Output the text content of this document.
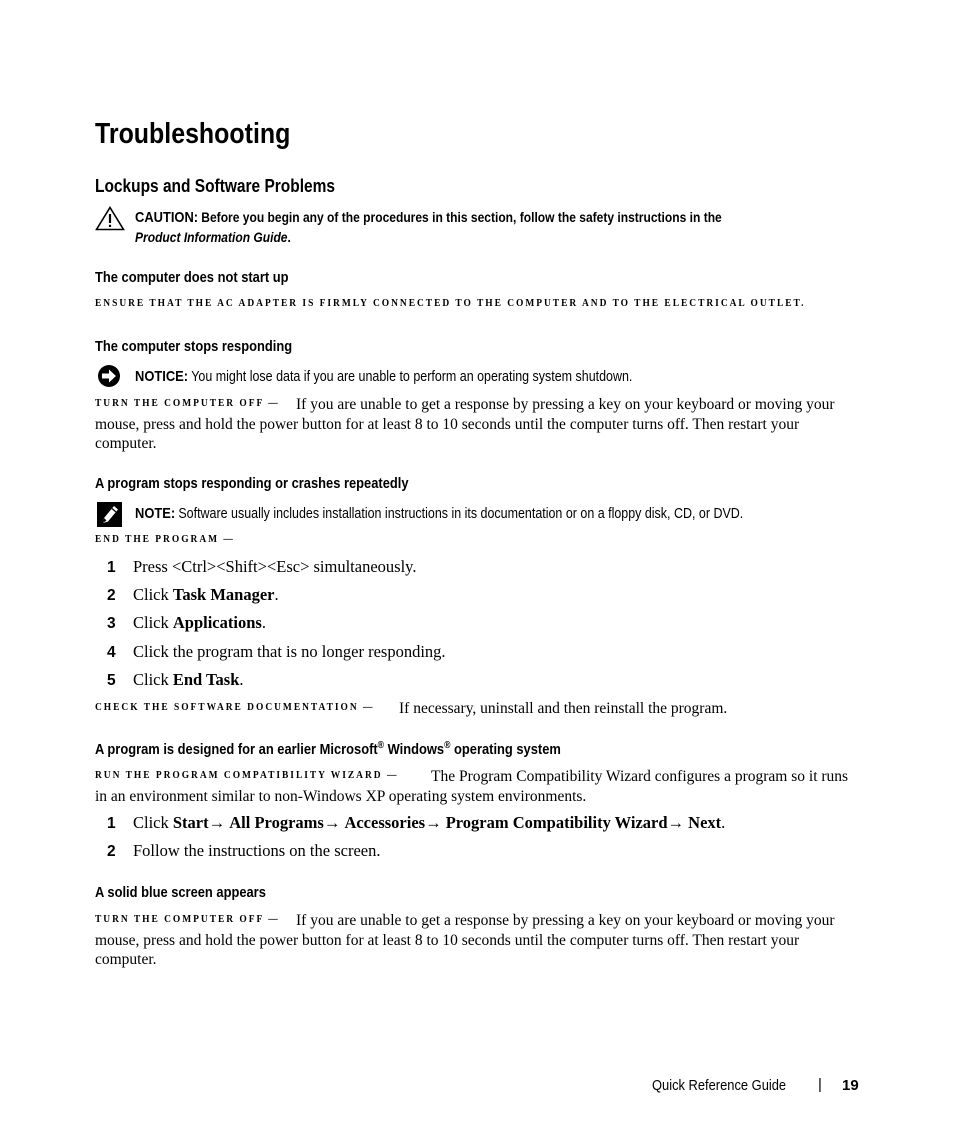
Troubleshooting
Lockups and Software Problems
CAUTION: Before you begin any of the procedures in this section, follow the safety instructions in the
Product Information Guide.
The computer does not start up
ENSURE THAT THE AC ADAPTER IS FIRMLY CONNECTED TO THE COMPUTER AND TO THE ELECTRICAL OUTLET.
The computer stops responding
NOTICE: You might lose data if you are unable to perform an operating system shutdown.
TURN THE COMPUTER OFF —	If you are unable to get a response by pressing a key on your keyboard or moving your mouse, press and hold the power button for at least 8 to 10 seconds until the computer turns off. Then restart your computer.
A program stops responding or crashes repeatedly
NOTE: Software usually includes installation instructions in its documentation or on a floppy disk, CD, or DVD.
END THE PROGRAM —
1 Press <Ctrl><Shift><Esc> simultaneously.
2 Click Task Manager.
3 Click Applications.
4 Click the program that is no longer responding.
5 Click End Task.
CHECK THE SOFTWARE DOCUMENTATION — If necessary, uninstall and then reinstall the program.
A program is designed for an earlier Microsoft® Windows® operating system
RUN THE PROGRAM COMPATIBILITY WIZARD —	The Program Compatibility Wizard configures a program so it runs in an environment similar to non-Windows XP operating system environments.
1 Click Start→ All Programs→ Accessories→ Program Compatibility Wizard→ Next.
2 Follow the instructions on the screen.
A solid blue screen appears
TURN THE COMPUTER OFF —	If you are unable to get a response by pressing a key on your keyboard or moving your mouse, press and hold the power button for at least 8 to 10 seconds until the computer turns off. Then restart your computer.
Quick Reference Guide | 19
